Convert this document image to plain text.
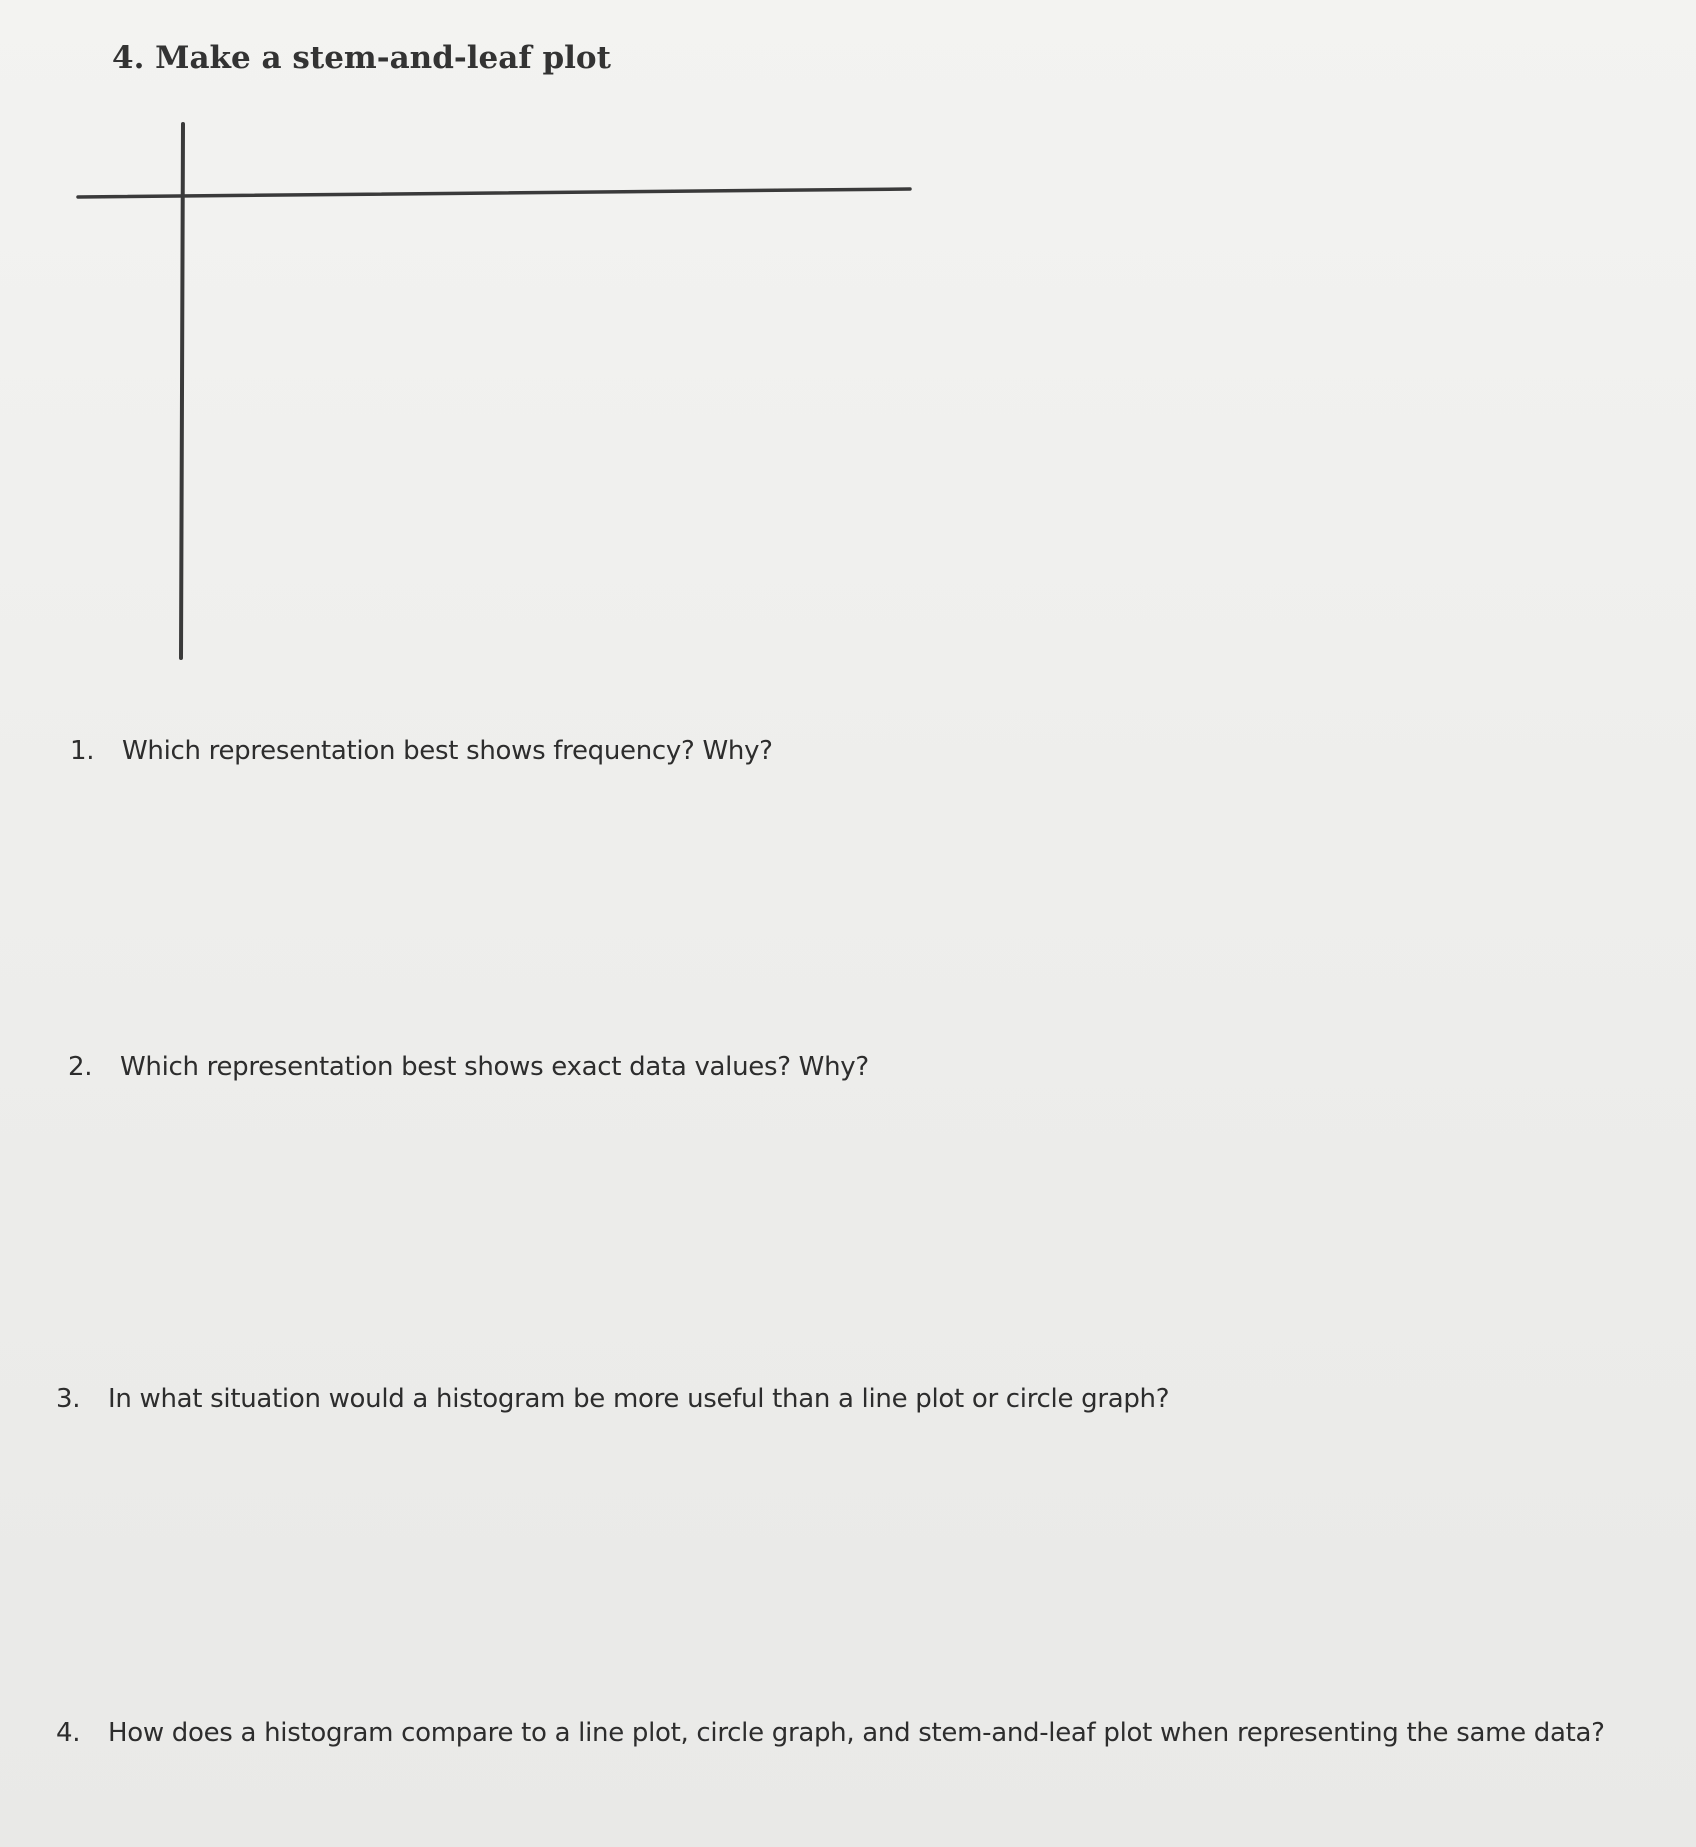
4. Make a stem-and-leaf plot
1. Which representation best shows frequency? Why?
2. Which representation best shows exact data values? Why?
3. In what situation would a histogram be more useful than a line plot or circle graph?
4. How does a histogram compare to a line plot, circle graph, and stem-and-leaf plot when representing the same data?
